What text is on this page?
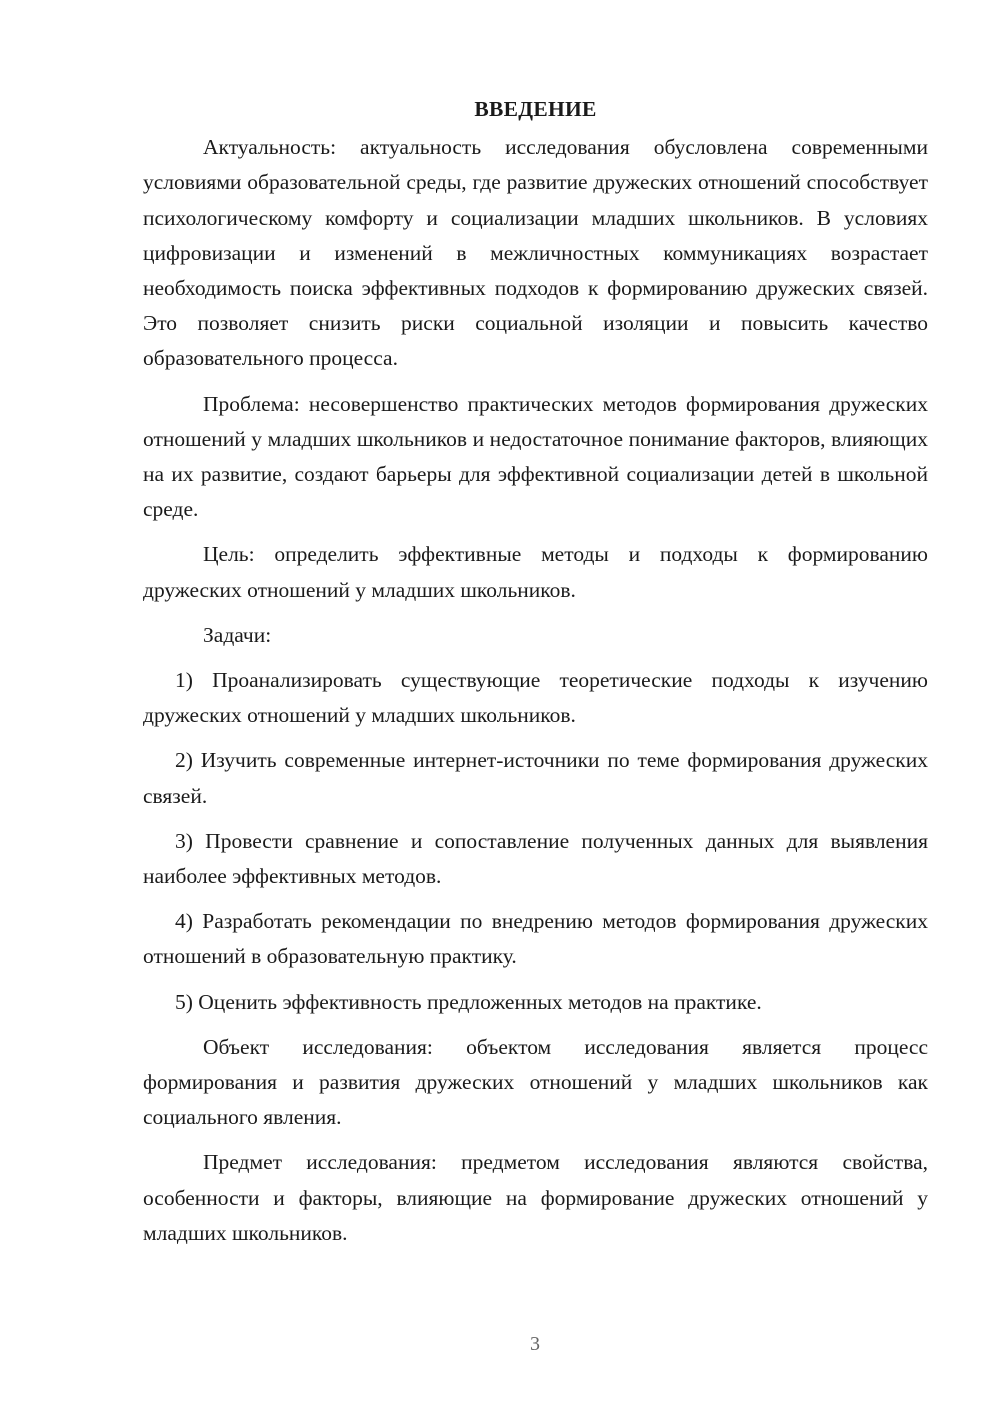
ВВЕДЕНИЕ

Актуальность: актуальность исследования обусловлена современными условиями образовательной среды, где развитие дружеских отношений способствует психологическому комфорту и социализации младших школьников. В условиях цифровизации и изменений в межличностных коммуникациях возрастает необходимость поиска эффективных подходов к формированию дружеских связей. Это позволяет снизить риски социальной изоляции и повысить качество образовательного процесса.

Проблема: несовершенство практических методов формирования дружеских отношений у младших школьников и недостаточное понимание факторов, влияющих на их развитие, создают барьеры для эффективной социализации детей в школьной среде.

Цель: определить эффективные методы и подходы к формированию дружеских отношений у младших школьников.

Задачи:

1) Проанализировать существующие теоретические подходы к изучению дружеских отношений у младших школьников.

2) Изучить современные интернет-источники по теме формирования дружеских связей.

3) Провести сравнение и сопоставление полученных данных для выявления наиболее эффективных методов.

4) Разработать рекомендации по внедрению методов формирования дружеских отношений в образовательную практику.

5) Оценить эффективность предложенных методов на практике.

Объект исследования: объектом исследования является процесс формирования и развития дружеских отношений у младших школьников как социального явления.

Предмет исследования: предметом исследования являются свойства, особенности и факторы, влияющие на формирование дружеских отношений у младших школьников.

3
